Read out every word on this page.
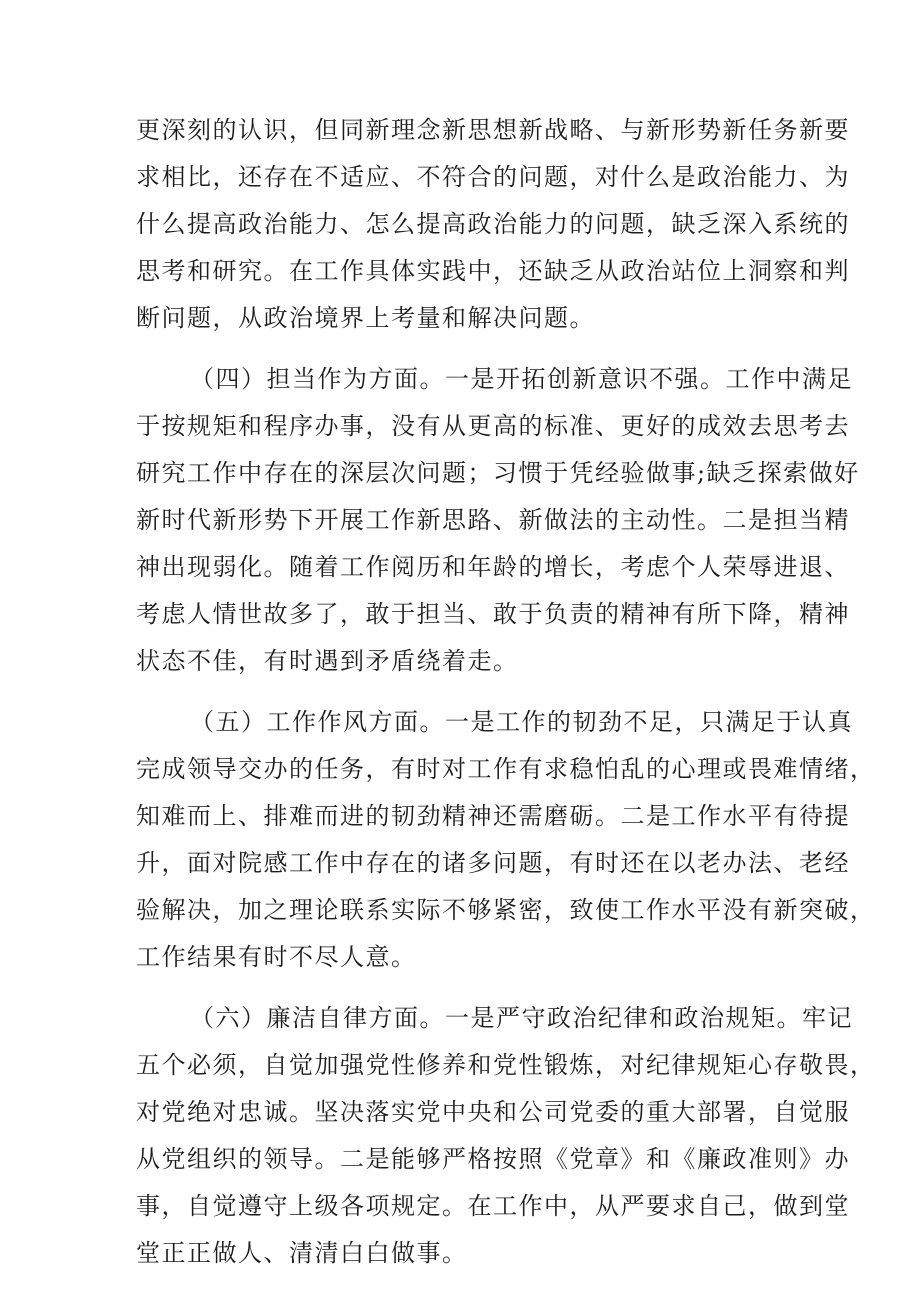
更深刻的认识，但同新理念新思想新战略、与新形势新任务新要
求相比，还存在不适应、不符合的问题，对什么是政治能力、为
什么提高政治能力、怎么提高政治能力的问题，缺乏深入系统的
思考和研究。在工作具体实践中，还缺乏从政治站位上洞察和判
断问题，从政治境界上考量和解决问题。
（四）担当作为方面。一是开拓创新意识不强。工作中满足
于按规矩和程序办事，没有从更高的标准、更好的成效去思考去
研究工作中存在的深层次问题；习惯于凭经验做事;缺乏探索做好
新时代新形势下开展工作新思路、新做法的主动性。二是担当精
神出现弱化。随着工作阅历和年龄的增长，考虑个人荣辱进退、
考虑人情世故多了，敢于担当、敢于负责的精神有所下降，精神
状态不佳，有时遇到矛盾绕着走。
（五）工作作风方面。一是工作的韧劲不足，只满足于认真
完成领导交办的任务，有时对工作有求稳怕乱的心理或畏难情绪，
知难而上、排难而进的韧劲精神还需磨砺。二是工作水平有待提
升，面对院感工作中存在的诸多问题，有时还在以老办法、老经
验解决，加之理论联系实际不够紧密，致使工作水平没有新突破，
工作结果有时不尽人意。
（六）廉洁自律方面。一是严守政治纪律和政治规矩。牢记
五个必须，自觉加强党性修养和党性锻炼，对纪律规矩心存敬畏，
对党绝对忠诚。坚决落实党中央和公司党委的重大部署，自觉服
从党组织的领导。二是能够严格按照《党章》和《廉政准则》办
事，自觉遵守上级各项规定。在工作中，从严要求自己，做到堂
堂正正做人、清清白白做事。
